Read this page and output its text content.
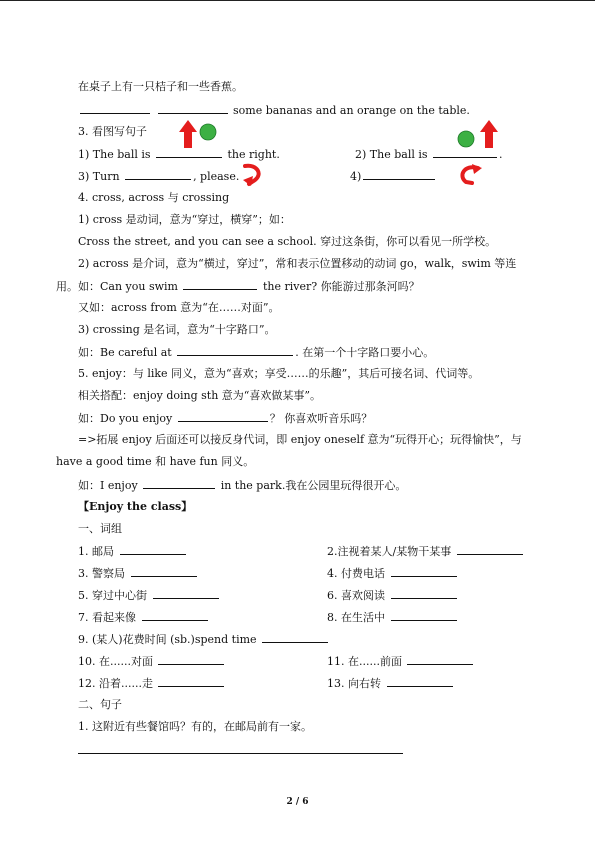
在桌子上有一只桔子和一些香蕉。
some bananas and an orange on the table.
3. 看图写句子
1) The ball is	the right.	2) The ball is	.
3) Turn	, please.	4)
4. cross, across 与 crossing
1) cross 是动词，意为“穿过，横穿”；如：
Cross the street, and you can see a school. 穿过这条街，你可以看见一所学校。
2) across 是介词，意为“横过，穿过”，常和表示位置移动的动词 go，walk，swim 等连
用。如：Can you swim	the river? 你能游过那条河吗？
又如：across from 意为“在……对面”。
3) crossing 是名词，意为“十字路口”。
如：Be careful at	. 在第一个十字路口要小心。
5. enjoy：与 like 同义，意为“喜欢；享受……的乐趣”，其后可接名词、代词等。
相关搭配：enjoy doing sth 意为“喜欢做某事”。
如：Do you enjoy	？ 你喜欢听音乐吗？
=>拓展 enjoy 后面还可以接反身代词，即 enjoy oneself 意为“玩得开心；玩得愉快”，与
have a good time 和 have fun 同义。
如：I enjoy	in the park.我在公园里玩得很开心。
【Enjoy the class】
一、词组
1. 邮局	2.注视着某人/某物干某事
3. 警察局	4. 付费电话
5. 穿过中心街	6. 喜欢阅读
7. 看起来像	8. 在生活中
9. (某人)花费时间 (sb.)spend time
10. 在......对面	11. 在......前面
12. 沿着......走	13. 向右转
二、句子
1. 这附近有些餐馆吗？有的，在邮局前有一家。
2 / 6
